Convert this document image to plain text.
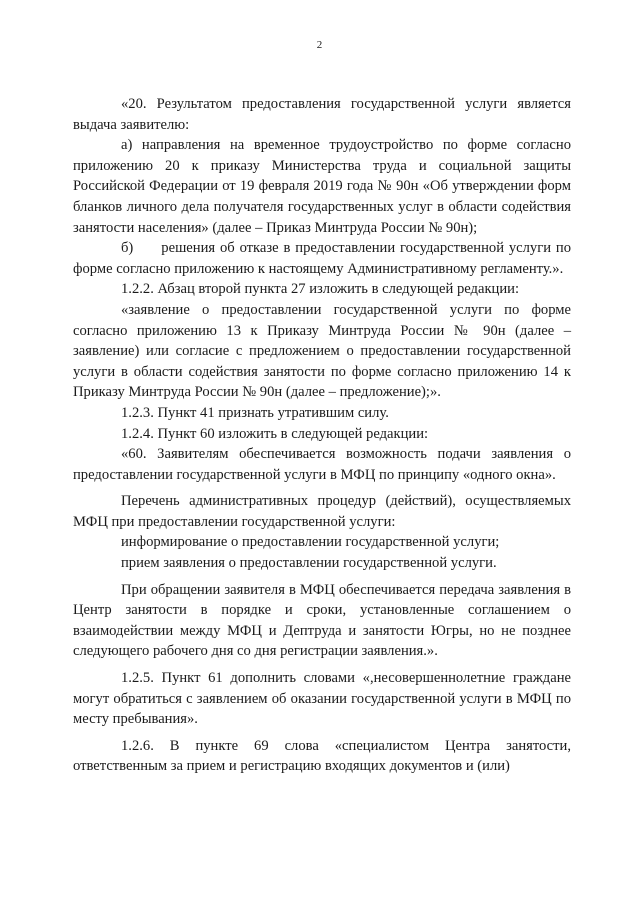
2

«20. Результатом предоставления государственной услуги является выдача заявителю:

а) направления на временное трудоустройство по форме согласно приложению 20 к приказу Министерства труда и социальной защиты Российской Федерации от 19 февраля 2019 года № 90н «Об утверждении форм бланков личного дела получателя государственных услуг в области содействия занятости населения» (далее – Приказ Минтруда России № 90н);

б) решения об отказе в предоставлении государственной услуги по форме согласно приложению к настоящему Административному регламенту.».

1.2.2. Абзац второй пункта 27 изложить в следующей редакции:

«заявление о предоставлении государственной услуги по форме согласно приложению 13 к Приказу Минтруда России № 90н (далее – заявление) или согласие с предложением о предоставлении государственной услуги в области содействия занятости по форме согласно приложению 14 к Приказу Минтруда России № 90н (далее – предложение);».

1.2.3. Пункт 41 признать утратившим силу.

1.2.4. Пункт 60 изложить в следующей редакции:

«60. Заявителям обеспечивается возможность подачи заявления о предоставлении государственной услуги в МФЦ по принципу «одного окна».

Перечень административных процедур (действий), осуществляемых МФЦ при предоставлении государственной услуги:

информирование о предоставлении государственной услуги;

прием заявления о предоставлении государственной услуги.

При обращении заявителя в МФЦ обеспечивается передача заявления в Центр занятости в порядке и сроки, установленные соглашением о взаимодействии между МФЦ и Дептруда и занятости Югры, но не позднее следующего рабочего дня со дня регистрации заявления.».

1.2.5. Пункт 61 дополнить словами «,несовершеннолетние граждане могут обратиться с заявлением об оказании государственной услуги в МФЦ по месту пребывания».

1.2.6. В пункте 69 слова «специалистом Центра занятости, ответственным за прием и регистрацию входящих документов и (или)
